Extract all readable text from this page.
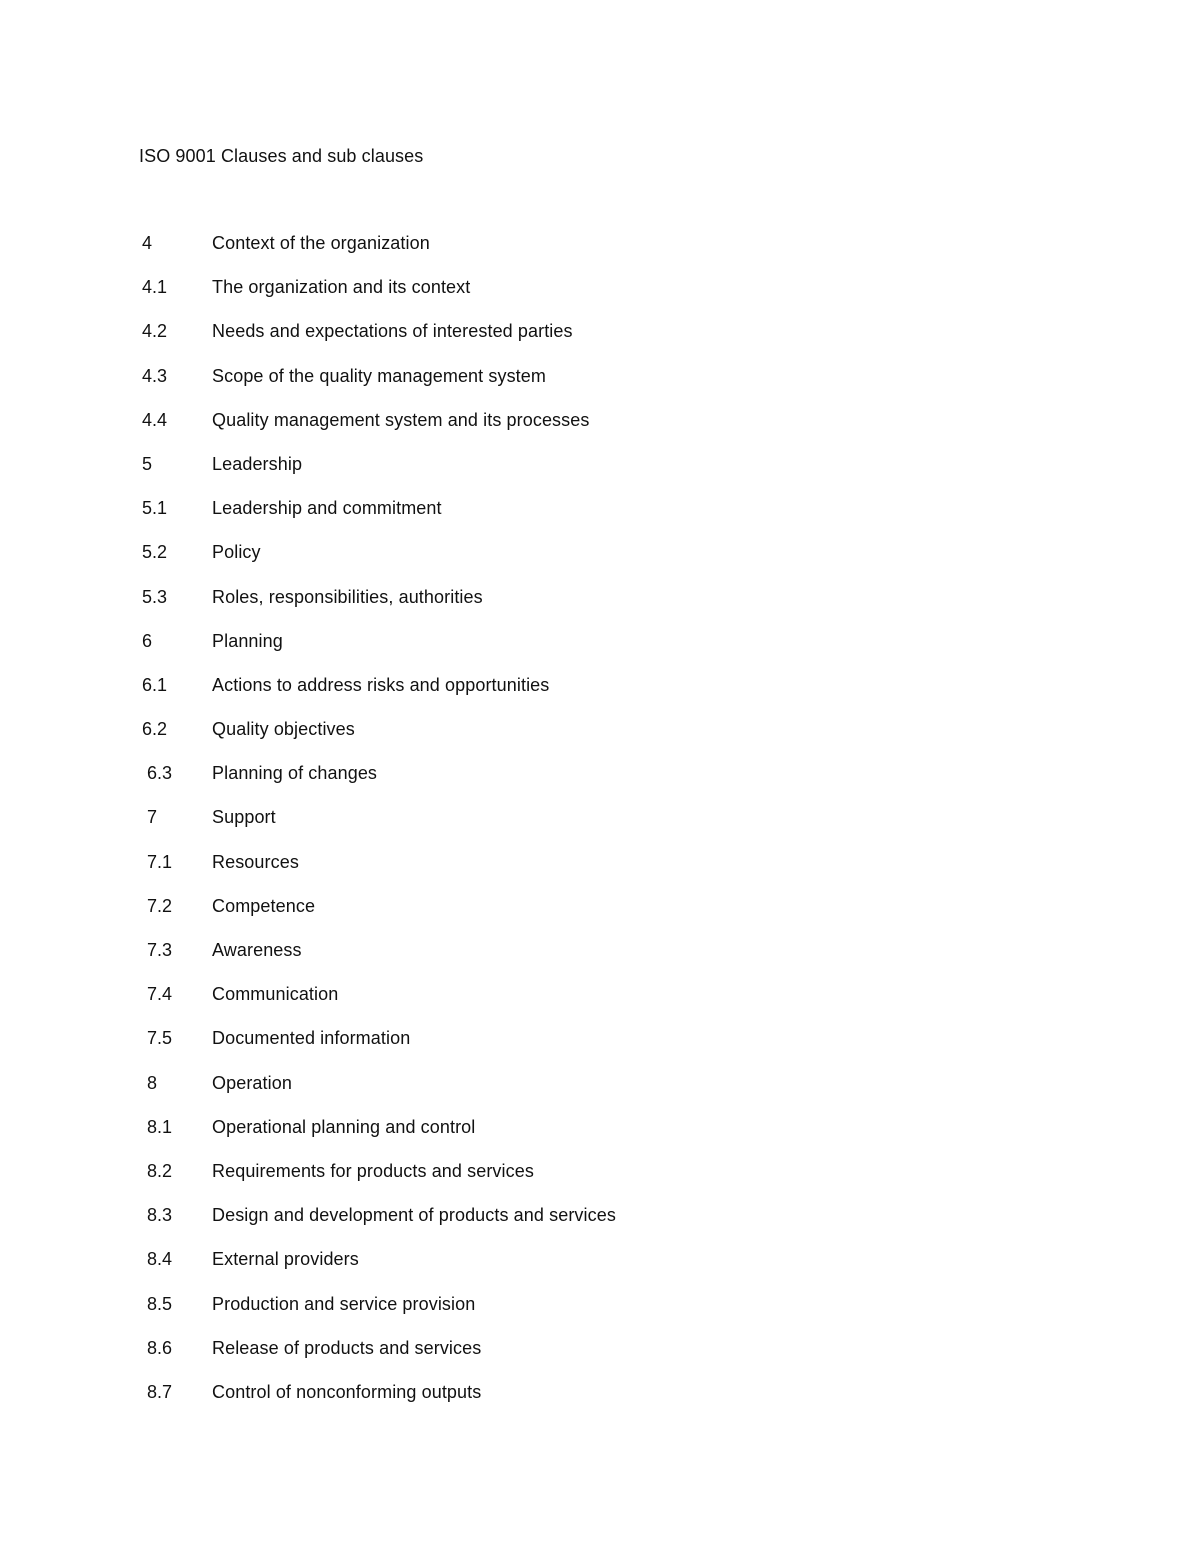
ISO 9001 Clauses and sub clauses
4	Context of the organization
4.1 The organization and its context
4.2 Needs and expectations of interested parties
4.3 Scope of the quality management system
4.4 Quality management system and its processes
5	Leadership
5.1 Leadership and commitment
5.2 Policy
5.3 Roles, responsibilities, authorities
6	Planning
6.1 Actions to address risks and opportunities
6.2 Quality objectives
6.3 Planning of changes
7	Support
7.1 Resources
7.2 Competence
7.3 Awareness
7.4 Communication
7.5 Documented information
8	Operation
8.1 Operational planning and control
8.2 Requirements for products and services
8.3 Design and development of products and services
8.4 External providers
8.5 Production and service provision
8.6 Release of products and services
8.7 Control of nonconforming outputs
